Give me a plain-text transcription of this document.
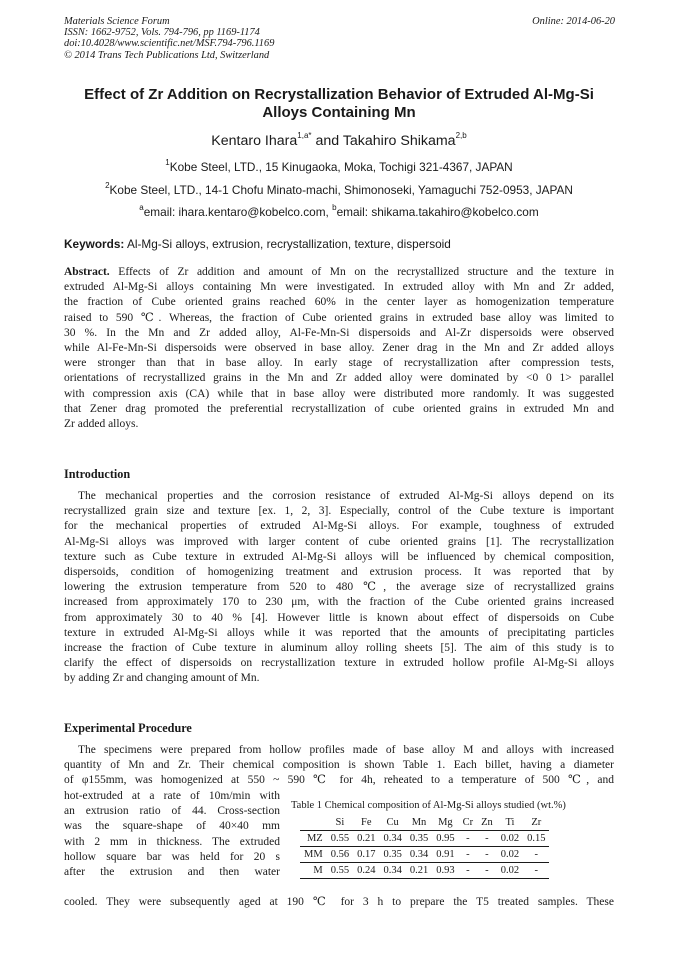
Materials Science Forum
ISSN: 1662-9752, Vols. 794-796, pp 1169-1174
doi:10.4028/www.scientific.net/MSF.794-796.1169
© 2014 Trans Tech Publications Ltd, Switzerland
Online: 2014-06-20
Effect of Zr Addition on Recrystallization Behavior of Extruded Al-Mg-Si
Alloys Containing Mn
Kentaro Ihara$^{1,a*}$ and Takahiro Shikama$^{2,b}$
$^1$Kobe Steel, LTD., 15 Kinugaoka, Moka, Tochigi 321-4367, JAPAN
$^2$Kobe Steel, LTD., 14-1 Chofu Minato-machi, Shimonoseki, Yamaguchi 752-0953, JAPAN
$^a$email: ihara.kentaro@kobelco.com, $^b$email: shikama.takahiro@kobelco.com
Keywords: Al-Mg-Si alloys, extrusion, recrystallization, texture, dispersoid
Abstract. Effects of Zr addition and amount of Mn on the recrystallized structure and the texture in
extruded Al-Mg-Si alloys containing Mn were investigated. In extruded alloy with Mn and Zr added,
the fraction of Cube oriented grains reached 60% in the center layer as homogenization temperature
raised to 590 ℃. Whereas, the fraction of Cube oriented grains in extruded base alloy was limited to
30 %. In the Mn and Zr added alloy, Al-Fe-Mn-Si dispersoids and Al-Zr dispersoids were observed
while Al-Fe-Mn-Si dispersoids were observed in base alloy. Zener drag in the Mn and Zr added alloys
were stronger than that in base alloy. In early stage of recrystallization after compression tests,
orientations of recrystallized grains in the Mn and Zr added alloy were dominated by <0 0 1> parallel
with compression axis (CA) while that in base alloy were distributed more randomly. It was suggested
that Zener drag promoted the preferential recrystallization of cube oriented grains in extruded Mn and
Zr added alloys.
Introduction
The mechanical properties and the corrosion resistance of extruded Al-Mg-Si alloys depend on its
recrystallized grain size and texture [ex. 1, 2, 3]. Especially, control of the Cube texture is important
for the mechanical properties of extruded Al-Mg-Si alloys. For example, toughness of extruded
Al-Mg-Si alloys was improved with larger content of cube oriented grains [1]. The recrystallization
texture such as Cube texture in extruded Al-Mg-Si alloys will be influenced by chemical composition,
dispersoids, condition of homogenizing treatment and extrusion process. It was reported that by
lowering the extrusion temperature from 520 to 480 ℃, the average size of recrystallized grains
increased from approximately 170 to 230 μm, with the fraction of the Cube oriented grains increased
from approximately 30 to 40 % [4]. However little is known about effect of dispersoids on Cube
texture in extruded Al-Mg-Si alloys while it was reported that the amounts of precipitating particles
increase the fraction of Cube texture in aluminum alloy rolling sheets [5]. The aim of this study is to
clarify the effect of dispersoids on recrystallization texture in extruded hollow profile Al-Mg-Si alloys
by adding Zr and changing amount of Mn.
Experimental Procedure
The specimens were prepared from hollow profiles made of base alloy M and alloys with increased
quantity of Mn and Zr. Their chemical composition is shown Table 1. Each billet, having a diameter
of φ155mm, was homogenized at 550 ~ 590 ℃ for 4h, reheated to a temperature of 500 ℃, and
hot-extruded at a rate of 10m/min with
an extrusion ratio of 44. Cross-section
was the square-shape of 40×40 mm
with 2 mm in thickness. The extruded
hollow square bar was held for 20 s
after the extrusion and then water
cooled. They were subsequently aged at 190 ℃ for 3 h to prepare the T5 treated samples. These
Table 1 Chemical composition of Al-Mg-Si alloys studied (wt.%)
	Si	Fe	Cu	Mn	Mg	Cr	Zn	Ti	Zr
MZ	0.55	0.21	0.34	0.35	0.95	-	-	0.02	0.15
MM	0.56	0.17	0.35	0.34	0.91	-	-	0.02	-
M	0.55	0.24	0.34	0.21	0.93	-	-	0.02	-
